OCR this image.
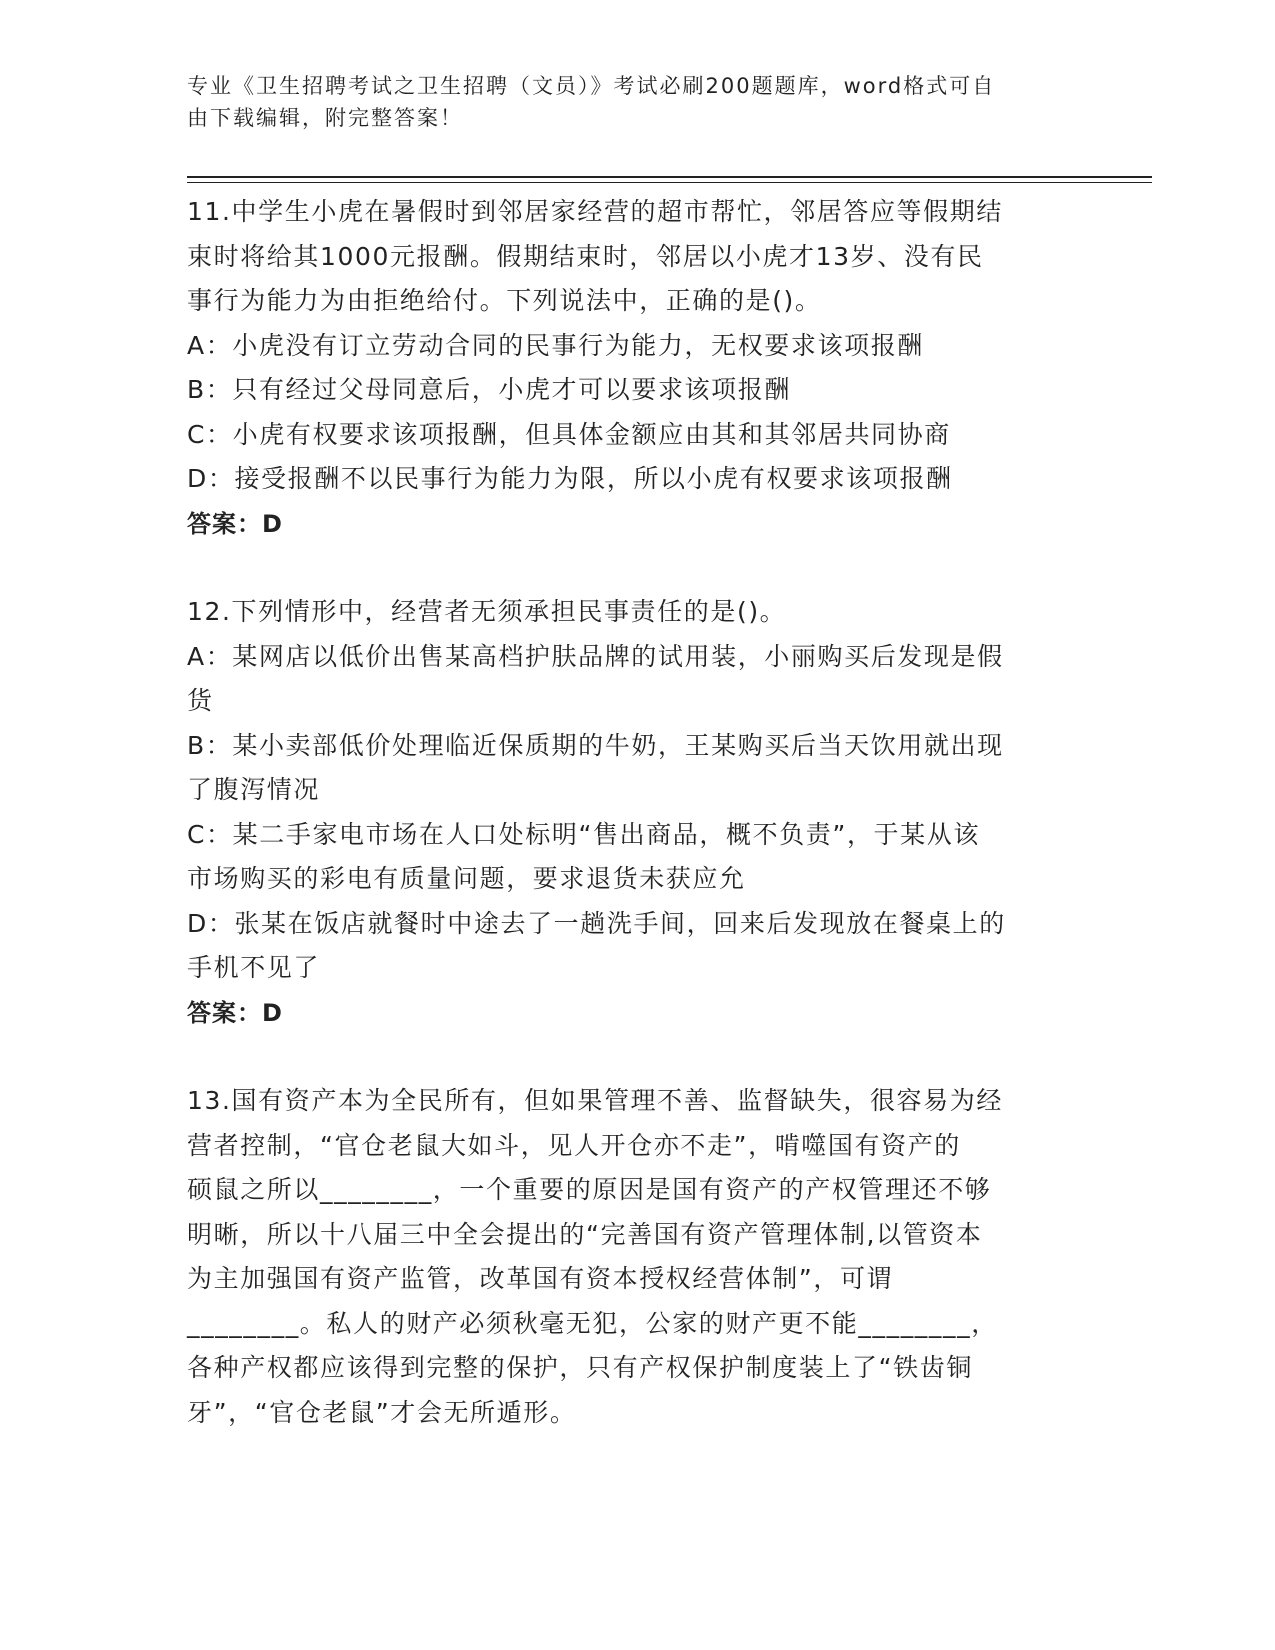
专业《卫生招聘考试之卫生招聘（文员）》考试必刷200题题库，word格式可自
由下载编辑，附完整答案！
11.中学生小虎在暑假时到邻居家经营的超市帮忙，邻居答应等假期结
束时将给其1000元报酬。假期结束时，邻居以小虎才13岁、没有民
事行为能力为由拒绝给付。下列说法中，正确的是()。
A：小虎没有订立劳动合同的民事行为能力，无权要求该项报酬
B：只有经过父母同意后，小虎才可以要求该项报酬
C：小虎有权要求该项报酬，但具体金额应由其和其邻居共同协商
D：接受报酬不以民事行为能力为限，所以小虎有权要求该项报酬
答案：D
12.下列情形中，经营者无须承担民事责任的是()。
A：某网店以低价出售某高档护肤品牌的试用装，小丽购买后发现是假
货
B：某小卖部低价处理临近保质期的牛奶，王某购买后当天饮用就出现
了腹泻情况
C：某二手家电市场在人口处标明“售出商品，概不负责”，于某从该
市场购买的彩电有质量问题，要求退货未获应允
D：张某在饭店就餐时中途去了一趟洗手间，回来后发现放在餐桌上的
手机不见了
答案：D
13.国有资产本为全民所有，但如果管理不善、监督缺失，很容易为经
营者控制，“官仓老鼠大如斗，见人开仓亦不走”，啃噬国有资产的
硕鼠之所以________，一个重要的原因是国有资产的产权管理还不够
明晰，所以十八届三中全会提出的“完善国有资产管理体制,以管资本
为主加强国有资产监管，改革国有资本授权经营体制”，可谓
________。私人的财产必须秋毫无犯，公家的财产更不能________，
各种产权都应该得到完整的保护，只有产权保护制度装上了“铁齿铜
牙”，“官仓老鼠”才会无所遁形。
